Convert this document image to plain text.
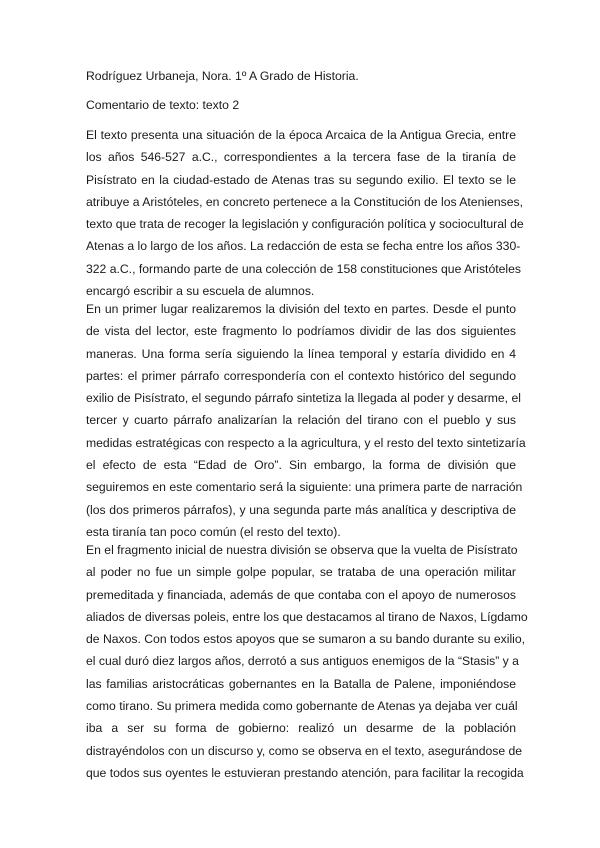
Rodríguez Urbaneja, Nora. 1º A Grado de Historia.
Comentario de texto: texto 2
El texto presenta una situación de la época Arcaica de la Antigua Grecia, entre
los años 546-527 a.C., correspondientes a la tercera fase de la tiranía de
Pisístrato en la ciudad-estado de Atenas tras su segundo exilio. El texto se le
atribuye a Aristóteles, en concreto pertenece a la Constitución de los Atenienses,
texto que trata de recoger la legislación y configuración política y sociocultural de
Atenas a lo largo de los años. La redacción de esta se fecha entre los años 330-
322 a.C., formando parte de una colección de 158 constituciones que Aristóteles
encargó escribir a su escuela de alumnos.
En un primer lugar realizaremos la división del texto en partes. Desde el punto
de vista del lector, este fragmento lo podríamos dividir de las dos siguientes
maneras. Una forma sería siguiendo la línea temporal y estaría dividido en 4
partes: el primer párrafo correspondería con el contexto histórico del segundo
exilio de Pisístrato, el segundo párrafo sintetiza la llegada al poder y desarme, el
tercer y cuarto párrafo analizarían la relación del tirano con el pueblo y sus
medidas estratégicas con respecto a la agricultura, y el resto del texto sintetizaría
el efecto de esta “Edad de Oro”. Sin embargo, la forma de división que
seguiremos en este comentario será la siguiente: una primera parte de narración
(los dos primeros párrafos), y una segunda parte más analítica y descriptiva de
esta tiranía tan poco común (el resto del texto).
En el fragmento inicial de nuestra división se observa que la vuelta de Pisístrato
al poder no fue un simple golpe popular, se trataba de una operación militar
premeditada y financiada, además de que contaba con el apoyo de numerosos
aliados de diversas poleis, entre los que destacamos al tirano de Naxos, Lígdamo
de Naxos. Con todos estos apoyos que se sumaron a su bando durante su exilio,
el cual duró diez largos años, derrotó a sus antiguos enemigos de la “Stasis” y a
las familias aristocráticas gobernantes en la Batalla de Palene, imponiéndose
como tirano. Su primera medida como gobernante de Atenas ya dejaba ver cuál
iba a ser su forma de gobierno: realizó un desarme de la población
distrayéndolos con un discurso y, como se observa en el texto, asegurándose de
que todos sus oyentes le estuvieran prestando atención, para facilitar la recogida
